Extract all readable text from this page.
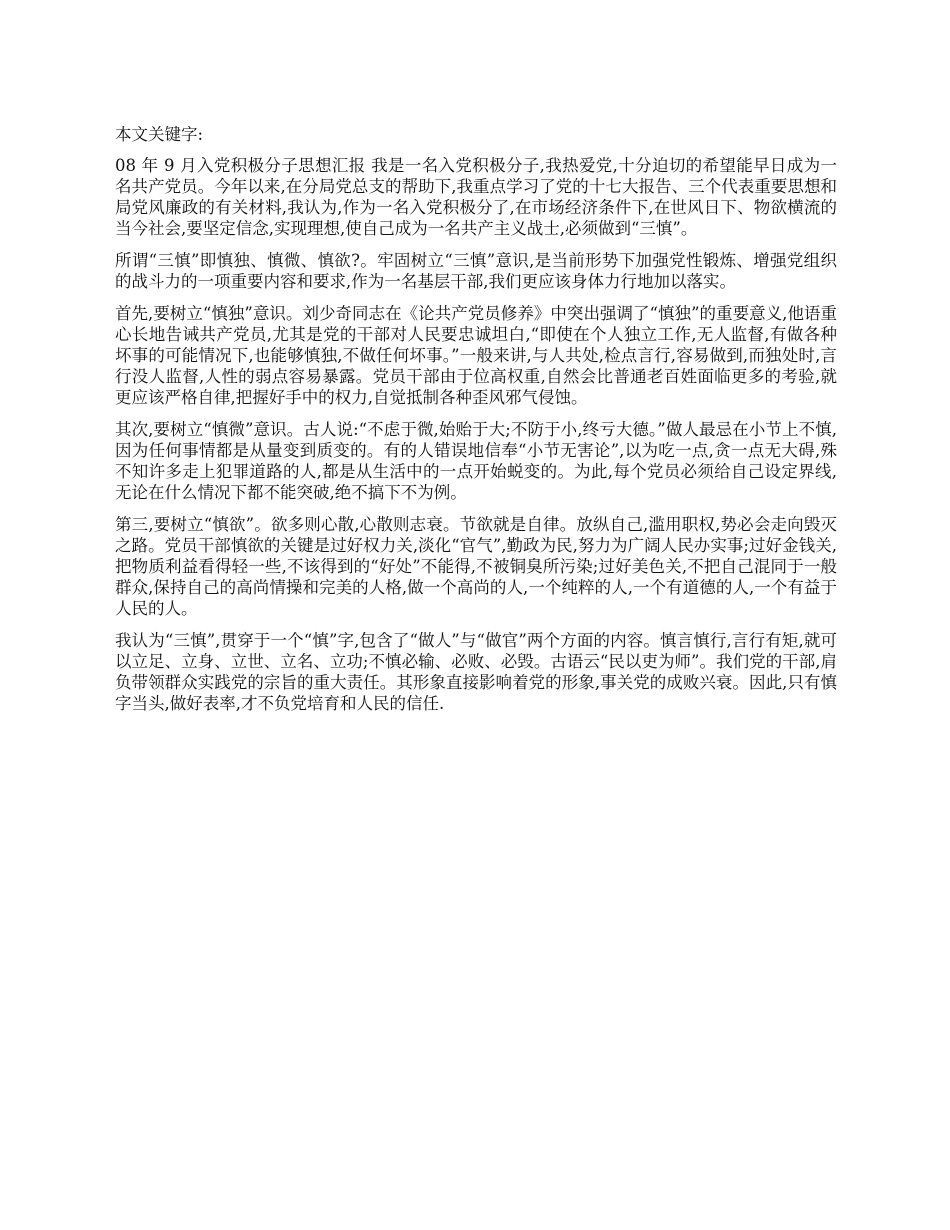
本文关键字:

08 年 9 月入党积极分子思想汇报 我是一名入党积极分子,我热爱党,十分迫切的希望能早日成为一名共产党员。今年以来,在分局党总支的帮助下,我重点学习了党的十七大报告、三个代表重要思想和局党风廉政的有关材料,我认为,作为一名入党积极分了,在市场经济条件下,在世风日下、物欲横流的当今社会,要坚定信念,实现理想,使自己成为一名共产主义战士,必须做到“三慎”。

所谓“三慎”即慎独、慎微、慎欲?。牢固树立“三慎”意识,是当前形势下加强党性锻炼、增强党组织的战斗力的一项重要内容和要求,作为一名基层干部,我们更应该身体力行地加以落实。

首先,要树立“慎独”意识。刘少奇同志在《论共产党员修养》中突出强调了“慎独”的重要意义,他语重心长地告诫共产党员,尤其是党的干部对人民要忠诚坦白,“即使在个人独立工作,无人监督,有做各种坏事的可能情况下,也能够慎独,不做任何坏事。”一般来讲,与人共处,检点言行,容易做到,而独处时,言行没人监督,人性的弱点容易暴露。党员干部由于位高权重,自然会比普通老百姓面临更多的考验,就更应该严格自律,把握好手中的权力,自觉抵制各种歪风邪气侵蚀。

其次,要树立“慎微”意识。古人说:“不虑于微,始贻于大;不防于小,终亏大德。”做人最忌在小节上不慎,因为任何事情都是从量变到质变的。有的人错误地信奉“小节无害论”,以为吃一点,贪一点无大碍,殊不知许多走上犯罪道路的人,都是从生活中的一点开始蜕变的。为此,每个党员必须给自己设定界线,无论在什么情况下都不能突破,绝不搞下不为例。

第三,要树立“慎欲”。欲多则心散,心散则志衰。节欲就是自律。放纵自己,滥用职权,势必会走向毁灭之路。党员干部慎欲的关键是过好权力关,淡化“官气”,勤政为民,努力为广阔人民办实事;过好金钱关,把物质利益看得轻一些,不该得到的“好处”不能得,不被铜臭所污染;过好美色关,不把自己混同于一般群众,保持自己的高尚情操和完美的人格,做一个高尚的人,一个纯粹的人,一个有道德的人,一个有益于人民的人。

我认为“三慎”,贯穿于一个“慎”字,包含了“做人”与“做官”两个方面的内容。慎言慎行,言行有矩,就可以立足、立身、立世、立名、立功;不慎必输、必败、必毁。古语云“民以吏为师”。我们党的干部,肩负带领群众实践党的宗旨的重大责任。其形象直接影响着党的形象,事关党的成败兴衰。因此,只有慎字当头,做好表率,才不负党培育和人民的信任.
